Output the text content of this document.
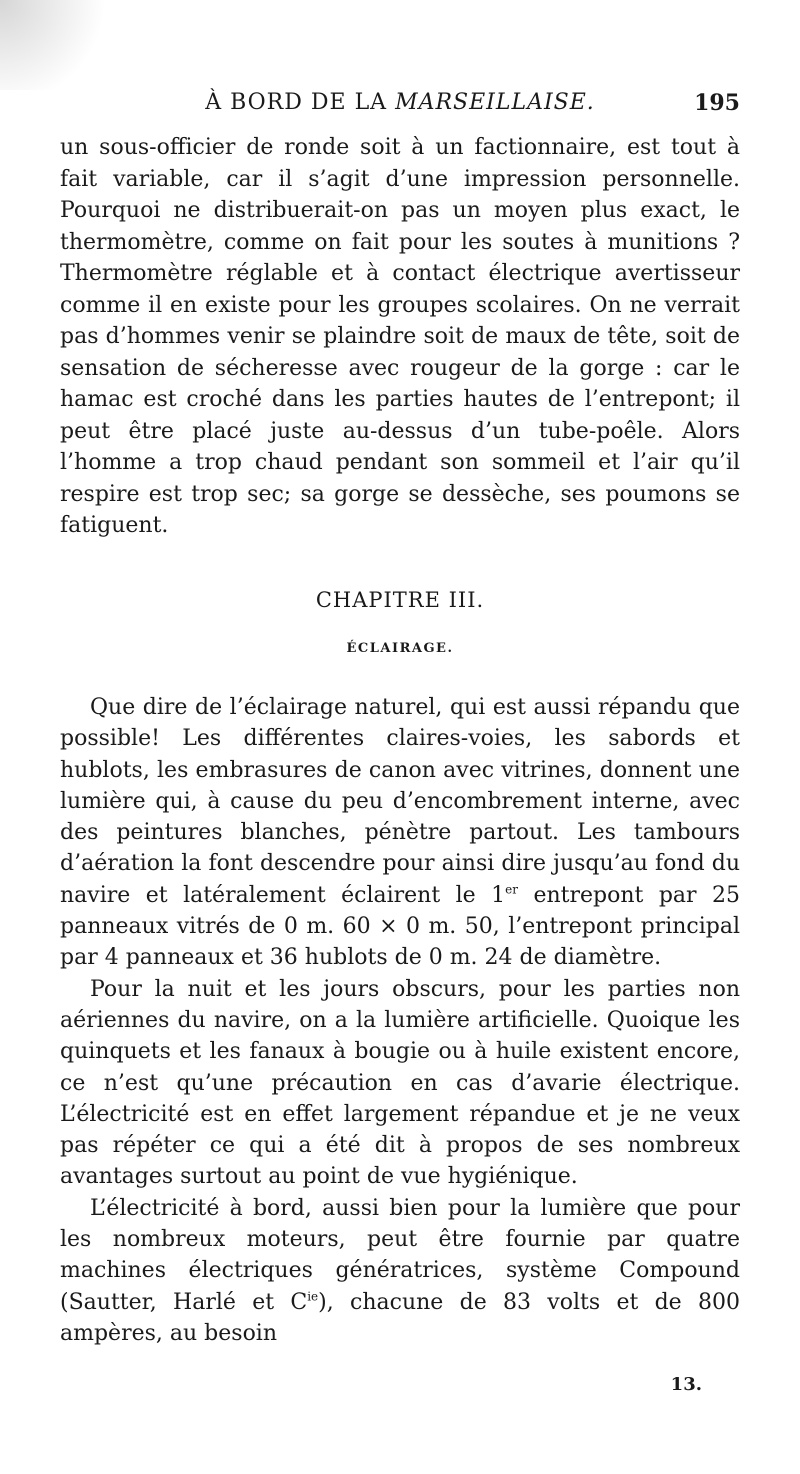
À BORD DE LA MARSEILLAISE.	195

un sous-officier de ronde soit à un factionnaire, est tout à fait variable, car il s’agit d’une impression personnelle. Pourquoi ne distribuerait-on pas un moyen plus exact, le thermomètre, comme on fait pour les soutes à munitions ? Thermomètre réglable et à contact électrique avertisseur comme il en existe pour les groupes scolaires. On ne verrait pas d’hommes venir se plaindre soit de maux de tête, soit de sensation de sécheresse avec rougeur de la gorge : car le hamac est croché dans les parties hautes de l’entrepont; il peut être placé juste au-dessus d’un tube-poêle. Alors l’homme a trop chaud pendant son sommeil et l’air qu’il respire est trop sec; sa gorge se dessèche, ses poumons se fatiguent.

CHAPITRE III.
ÉCLAIRAGE.

Que dire de l’éclairage naturel, qui est aussi répandu que possible! Les différentes claires-voies, les sabords et hublots, les embrasures de canon avec vitrines, donnent une lumière qui, à cause du peu d’encombrement interne, avec des peintures blanches, pénètre partout. Les tambours d’aération la font descendre pour ainsi dire jusqu’au fond du navire et latéralement éclairent le 1er entrepont par 25 panneaux vitrés de 0 m. 60 × 0 m. 50, l’entrepont principal par 4 panneaux et 36 hublots de 0 m. 24 de diamètre.

Pour la nuit et les jours obscurs, pour les parties non aériennes du navire, on a la lumière artificielle. Quoique les quinquets et les fanaux à bougie ou à huile existent encore, ce n’est qu’une précaution en cas d’avarie électrique. L’électricité est en effet largement répandue et je ne veux pas répéter ce qui a été dit à propos de ses nombreux avantages surtout au point de vue hygiénique.

L’électricité à bord, aussi bien pour la lumière que pour les nombreux moteurs, peut être fournie par quatre machines électriques génératrices, système Compound (Sautter, Harlé et $C^{ie}$), chacune de 83 volts et de 800 ampères, au besoin

13.
